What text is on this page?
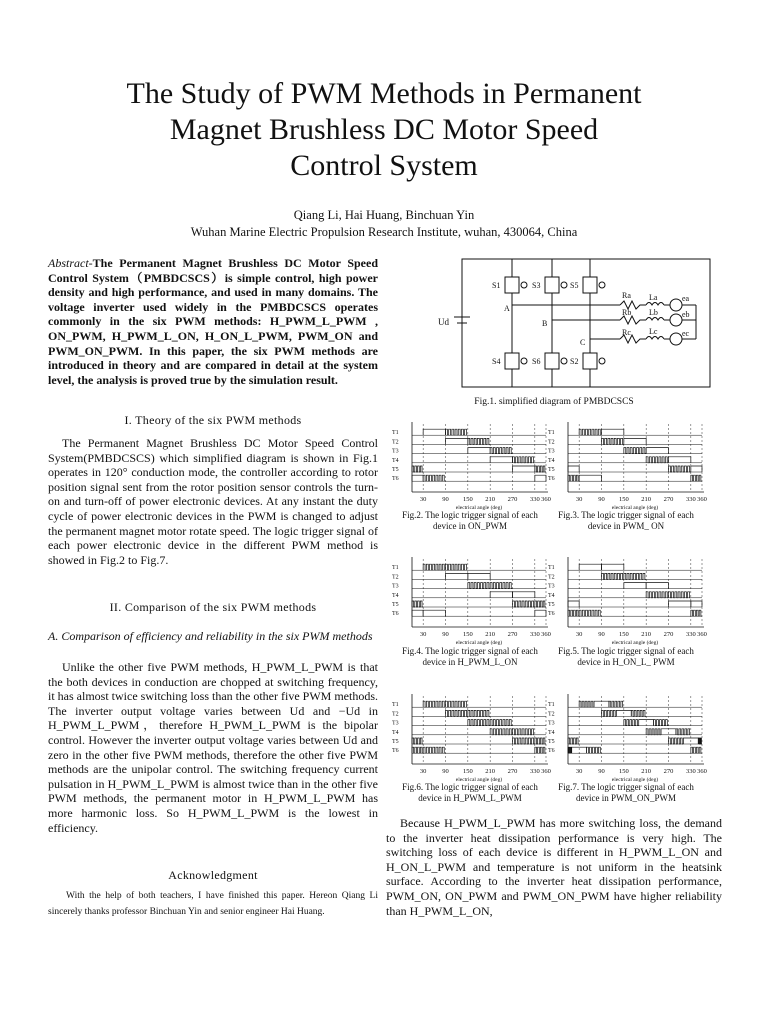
The Study of PWM Methods in Permanent
Magnet Brushless DC Motor Speed
Control System
Qiang Li, Hai Huang, Binchuan Yin
Wuhan Marine Electric Propulsion Research Institute, wuhan, 430064, China
Abstract-The Permanent Magnet Brushless DC Motor Speed Control System（PMBDCSCS）is simple control, high power density and high performance, and used in many domains. The voltage inverter used widely in the PMBDCSCS operates commonly in the six PWM methods: H_PWM_L_PWM , ON_PWM, H_PWM_L_ON, H_ON_L_PWM, PWM_ON and PWM_ON_PWM. In this paper, the six PWM methods are introduced in theory and are compared in detail at the system level, the analysis is proved true by the simulation result.
I. Theory of the six PWM methods

The Permanent Magnet Brushless DC Motor Speed Control System(PMBDCSCS) which simplified diagram is shown in Fig.1 operates in 120° conduction mode, the controller according to rotor position signal sent from the rotor position sensor controls the turn-on and turn-off of power electronic devices. At any instant the duty cycle of power electronic devices in the PWM is changed to adjust the permanent magnet motor rotate speed. The logic trigger signal of each power electronic device in the different PWM method is showed in Fig.2 to Fig.7.

II. Comparison of the six PWM methods
A. Comparison of efficiency and reliability in the six PWM methods

Unlike the other five PWM methods, H_PWM_L_PWM is that the both devices in conduction are chopped at switching frequency, it has almost twice switching loss than the other five PWM methods. The inverter output voltage varies between Ud and −Ud in H_PWM_L_PWM，therefore H_PWM_L_PWM is the bipolar control. However the inverter output voltage varies between Ud and zero in the other five PWM methods, therefore the other five PWM methods are the unipolar control. The switching frequency current pulsation in H_PWM_L_PWM is almost twice than in the other five PWM methods, the permanent motor in H_PWM_L_PWM has more harmonic loss. So H_PWM_L_PWM is the lowest in efficiency.

Acknowledgment
With the help of both teachers, I have finished this paper. Hereon Qiang Li sincerely thanks professor Binchuan Yin and senior engineer Hai Huang.
Ud
S1	S3	S5
S4	S6	S2
A
B
C
Ra
Rb
Rc
La
Lb
Lc
ea
eb
ec
Fig.1. simplified diagram of PMBDCSCS
30 90 150 210 270 330 360
electrical angle (deg)
T1
T2
T3
T4
T5
T6
Fig.2. The logic trigger signal of each
device in ON_PWM
30 90 150 210 270 330 360
electrical angle (deg)
T1
T2
T3
T4
T5
T6
Fig.3. The logic trigger signal of each
device in PWM_ ON
30 90 150 210 270 330 360
electrical angle (deg)
T1
T2
T3
T4
T5
T6
Fig.4. The logic trigger signal of each
device in H_PWM_L_ON
30 90 150 210 270 330 360
electrical angle (deg)
T1
T2
T3
T4
T5
T6
Fig.5. The logic trigger signal of each
device in H_ON_L_ PWM
30 90 150 210 270 330 360
electrical angle (deg)
T1
T2
T3
T4
T5
T6
Fig.6. The logic trigger signal of each
device in H_PWM_L_PWM
30 90 150 210 270 330 360
electrical angle (deg)
T1
T2
T3
T4
T5
T6
Fig.7. The logic trigger signal of each
device in PWM_ON_PWM

Because H_PWM_L_PWM has more switching loss, the demand to the inverter heat dissipation performance is very high. The switching loss of each device is different in H_PWM_L_ON and H_ON_L_PWM and temperature is not uniform in the heatsink surface. According to the inverter heat dissipation performance, PWM_ON, ON_PWM and PWM_ON_PWM have higher reliability than H_PWM_L_ON,
